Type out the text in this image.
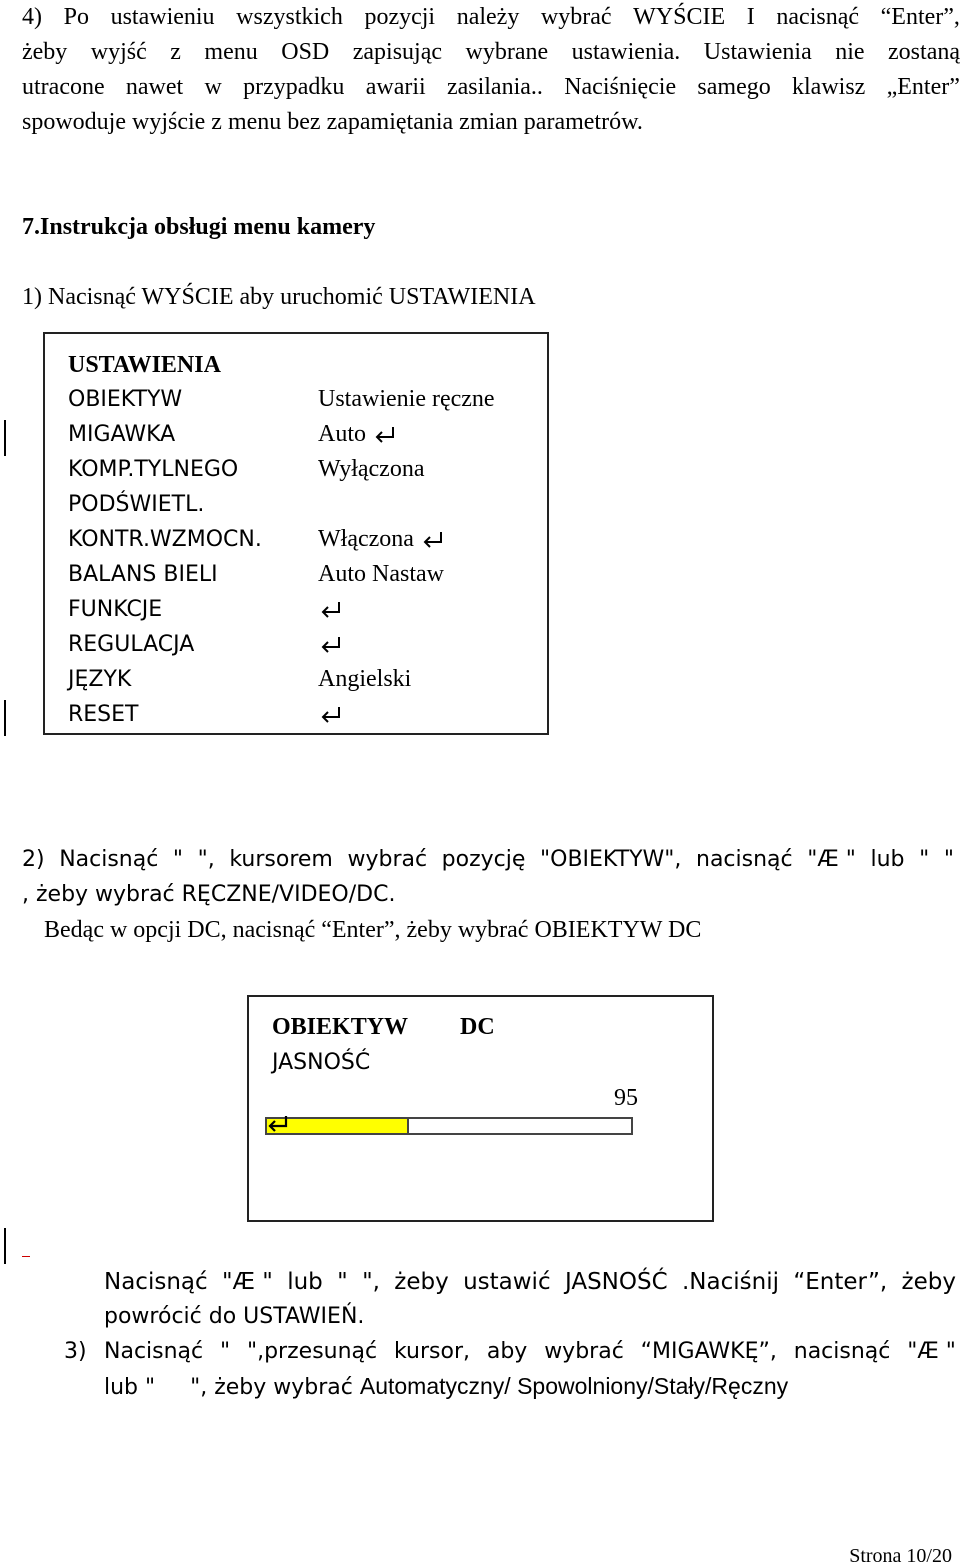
4) Po ustawieniu wszystkich pozycji należy wybrać WYŚCIE I nacisnąć “Enter”,
żeby wyjść z menu OSD zapisując wybrane ustawienia. Ustawienia nie zostaną
utracone nawet w przypadku awarii zasilania.. Naciśnięcie samego klawisz „Enter”
spowoduje wyjście z menu bez zapamiętania zmian parametrów.
7.Instrukcja obsługi menu kamery
1) Nacisnąć WYŚCIE aby uruchomić USTAWIENIA
USTAWIENIA
OBIEKTYW	Ustawienie ręczne
MIGAWKA	Auto
KOMP.TYLNEGO	Wyłączona
PODŚWIETL.
KONTR.WZMOCN. Włączona
BALANS BIELI	Auto Nastaw
FUNKCJE
REGULACJA
JĘZYK	Angielski
RESET
2) Nacisnąć " ", kursorem wybrać pozycję "OBIEKTYW", nacisnąć "Æ " lub " "
, żeby wybrać RĘCZNE/VIDEO/DC.
Bedąc w opcji DC, nacisnąć “Enter”, żeby wybrać OBIEKTYW DC
OBIEKTYW DC
JASNOŚĆ
95
Nacisnąć "Æ " lub " ", żeby ustawić JASNOŚĆ .Naciśnij “Enter”, żeby
powrócić do USTAWIEŃ.
3) Nacisnąć " ",przesunąć kursor, aby wybrać “MIGAWKĘ”, nacisnąć "Æ "
lub "     ", żeby wybrać Automatyczny/ Spowolniony/Stały/Ręczny
Strona 10/20
